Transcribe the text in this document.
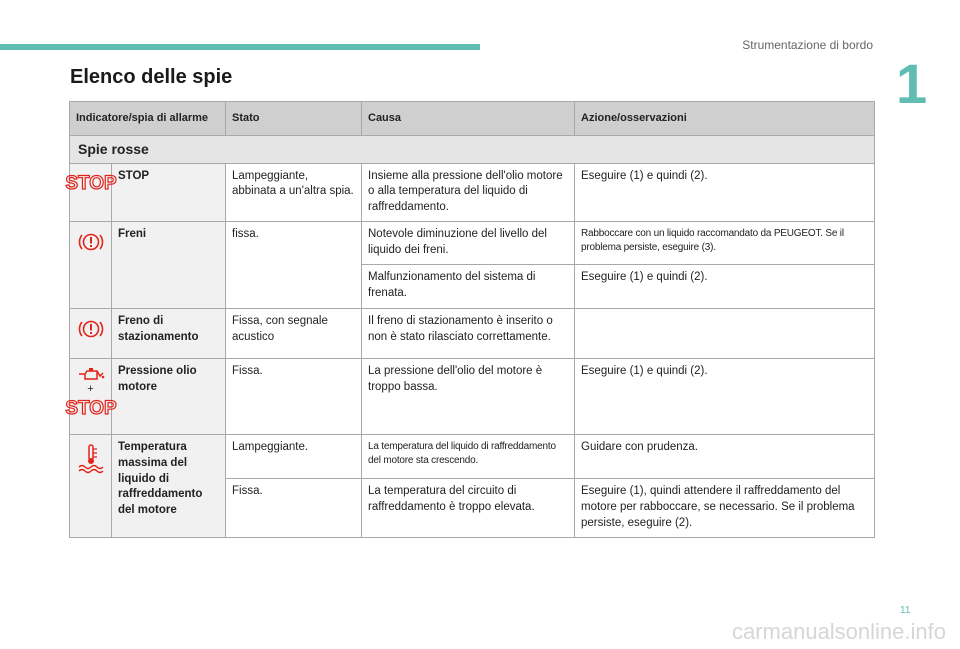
Strumentazione di bordo
1
Elenco delle spie
Indicatore/spia di allarme		Stato	Causa	Azione/osservazioni
Spie rosse				

STOP	STOP	Lampeggiante, abbinata a un'altra spia.	Insieme alla pressione dell'olio motore o alla temperatura del liquido di raffreddamento.	Eseguire (1) e quindi (2).

	Freni	fissa.	Notevole diminuzione del livello del liquido dei freni.	Rabboccare con un liquido raccomandato da PEUGEOT. Se il problema persiste, eseguire (3).
			Malfunzionamento del sistema di frenata.	Eseguire (1) e quindi (2).

	Freno di stazionamento	Fissa, con segnale acustico	Il freno di stazionamento è inserito o non è stato rilasciato correttamente.	

+
STOP	Pressione olio motore	Fissa.	La pressione dell'olio del motore è troppo bassa.	Eseguire (1) e quindi (2).

	Temperatura massima del liquido di raffreddamento del motore	Lampeggiante.	La temperatura del liquido di raffreddamento del motore sta crescendo.	Guidare con prudenza.
		Fissa.	La temperatura del circuito di raffreddamento è troppo elevata.	Eseguire (1), quindi attendere il raffreddamento del motore per rabboccare, se necessario. Se il problema persiste, eseguire (2).
11
carmanualsonline.info
